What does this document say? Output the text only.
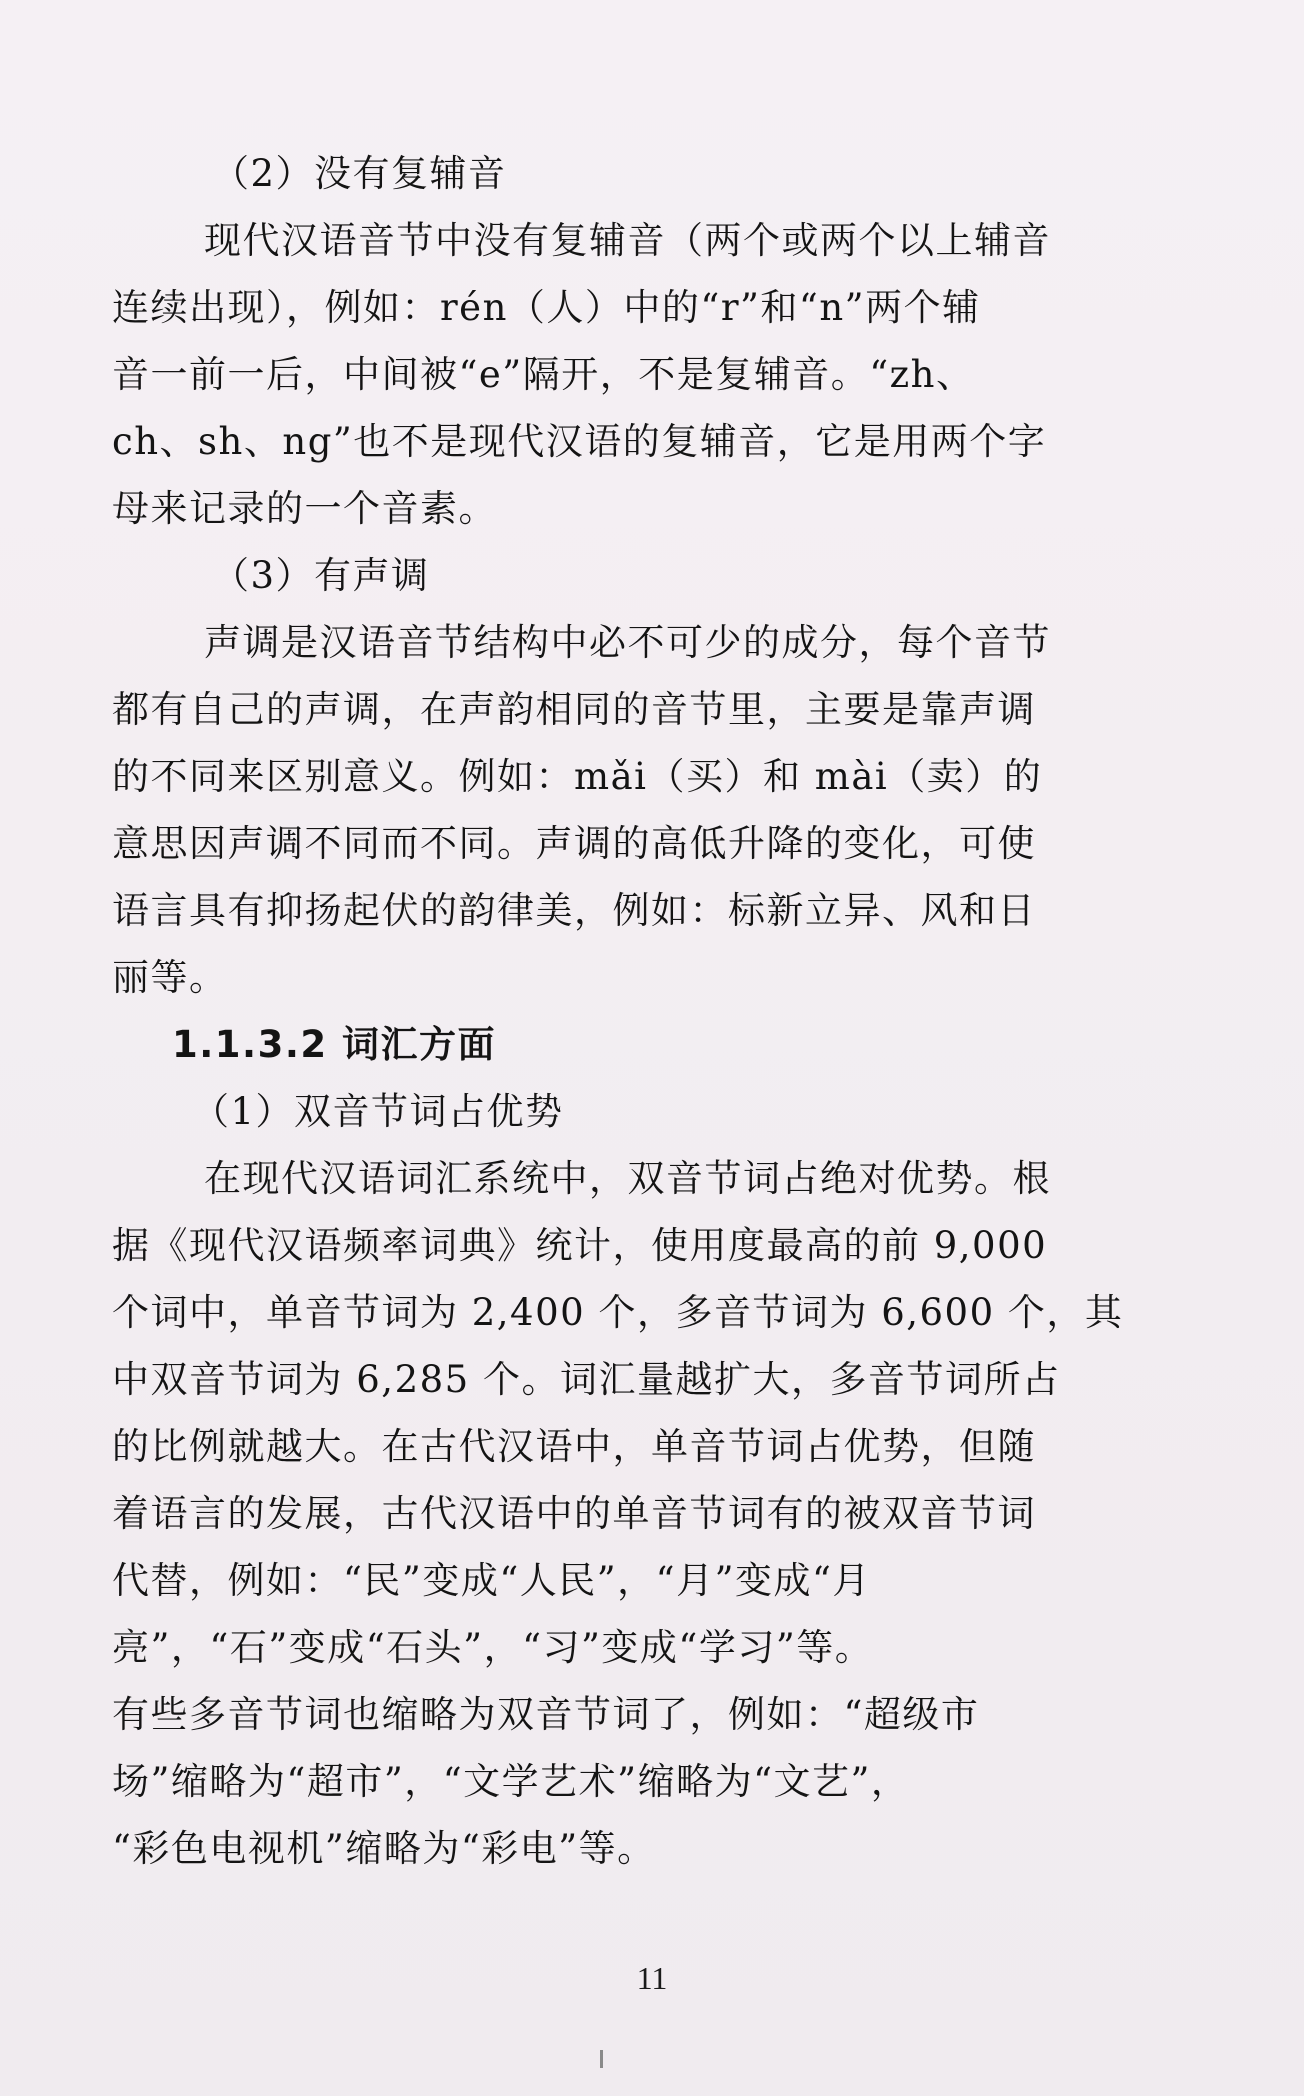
（2）没有复辅音
现代汉语音节中没有复辅音（两个或两个以上辅音
连续出现），例如：rén（人）中的“r”和“n”两个辅
音一前一后，中间被“e”隔开，不是复辅音。“zh、
ch、sh、ng”也不是现代汉语的复辅音，它是用两个字
母来记录的一个音素。
（3）有声调
声调是汉语音节结构中必不可少的成分，每个音节
都有自己的声调，在声韵相同的音节里，主要是靠声调
的不同来区别意义。例如：mǎi（买）和 mài（卖）的
意思因声调不同而不同。声调的高低升降的变化，可使
语言具有抑扬起伏的韵律美，例如：标新立异、风和日
丽等。
1.1.3.2 词汇方面
（1）双音节词占优势
在现代汉语词汇系统中，双音节词占绝对优势。根
据《现代汉语频率词典》统计，使用度最高的前 9,000
个词中，单音节词为 2,400 个，多音节词为 6,600 个，其
中双音节词为 6,285 个。词汇量越扩大，多音节词所占
的比例就越大。在古代汉语中，单音节词占优势，但随
着语言的发展，古代汉语中的单音节词有的被双音节词
代替，例如：“民”变成“人民”，“月”变成“月
亮”，“石”变成“石头”，“习”变成“学习”等。
有些多音节词也缩略为双音节词了，例如：“超级市
场”缩略为“超市”，“文学艺术”缩略为“文艺”，
“彩色电视机”缩略为“彩电”等。
11
